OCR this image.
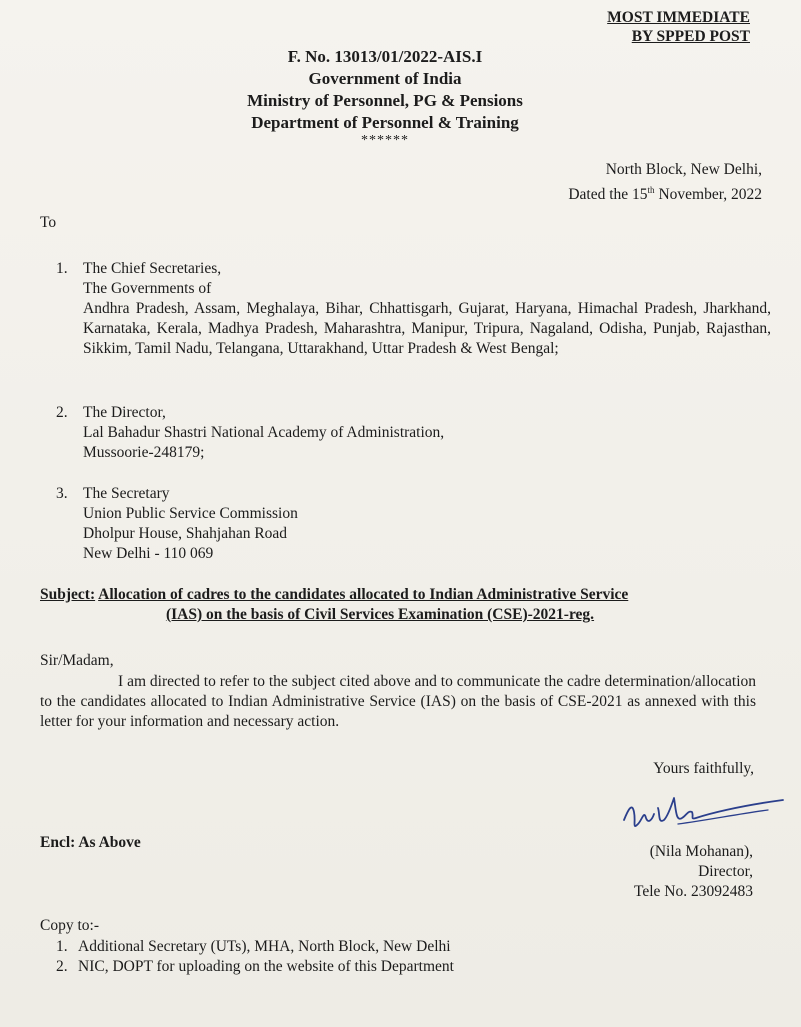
MOST IMMEDIATE
BY SPPED POST
F. No. 13013/01/2022-AIS.I
Government of India
Ministry of Personnel, PG & Pensions
Department of Personnel & Training
******
North Block, New Delhi,
Dated the 15th November, 2022
To
1. The Chief Secretaries,
The Governments of
Andhra Pradesh, Assam, Meghalaya, Bihar, Chhattisgarh, Gujarat, Haryana, Himachal Pradesh, Jharkhand, Karnataka, Kerala, Madhya Pradesh, Maharashtra, Manipur, Tripura, Nagaland, Odisha, Punjab, Rajasthan, Sikkim, Tamil Nadu, Telangana, Uttarakhand, Uttar Pradesh & West Bengal;
2. The Director,
Lal Bahadur Shastri National Academy of Administration,
Mussoorie-248179;
3. The Secretary
Union Public Service Commission
Dholpur House, Shahjahan Road
New Delhi - 110 069
Subject: Allocation of cadres to the candidates allocated to Indian Administrative Service
(IAS) on the basis of Civil Services Examination (CSE)-2021-reg.
Sir/Madam,
I am directed to refer to the subject cited above and to communicate the cadre determination/allocation to the candidates allocated to Indian Administrative Service (IAS) on the basis of CSE-2021 as annexed with this letter for your information and necessary action.
Yours faithfully,
Encl: As Above
(Nila Mohanan),
Director,
Tele No. 23092483
Copy to:-
1. Additional Secretary (UTs), MHA, North Block, New Delhi
2. NIC, DOPT for uploading on the website of this Department
